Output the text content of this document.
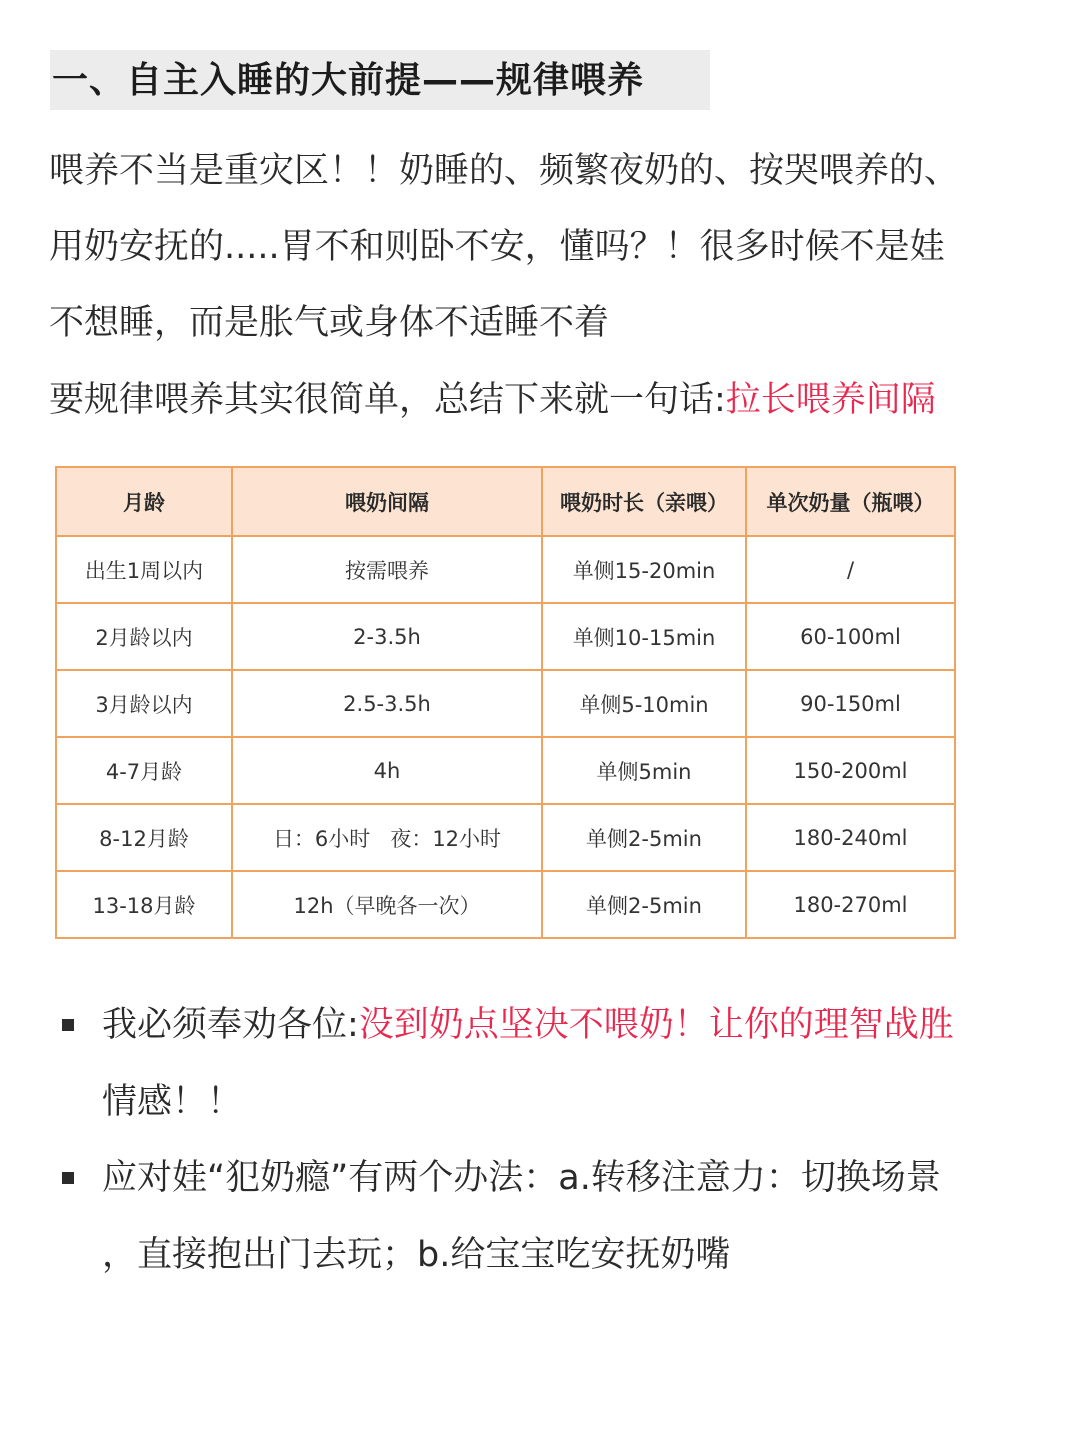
一、自主入睡的大前提——规律喂养
喂养不当是重灾区！！奶睡的、频繁夜奶的、按哭喂养的、
用奶安抚的.....胃不和则卧不安，懂吗？！很多时候不是娃
不想睡，而是胀气或身体不适睡不着
要规律喂养其实很简单，总结下来就一句话:拉长喂养间隔
月龄	喂奶间隔	喂奶时长（亲喂）	单次奶量（瓶喂）
出生1周以内	按需喂养	单侧15-20min	/
2月龄以内	2-3.5h	单侧10-15min	60-100ml
3月龄以内	2.5-3.5h	单侧5-10min	90-150ml
4-7月龄	4h	单侧5min	150-200ml
8-12月龄	日：6小时   夜：12小时	单侧2-5min	180-240ml
13-18月龄	12h（早晚各一次）	单侧2-5min	180-270ml
我必须奉劝各位:没到奶点坚决不喂奶！让你的理智战胜
情感！！
应对娃“犯奶瘾”有两个办法：a.转移注意力：切换场景
，直接抱出门去玩；b.给宝宝吃安抚奶嘴
